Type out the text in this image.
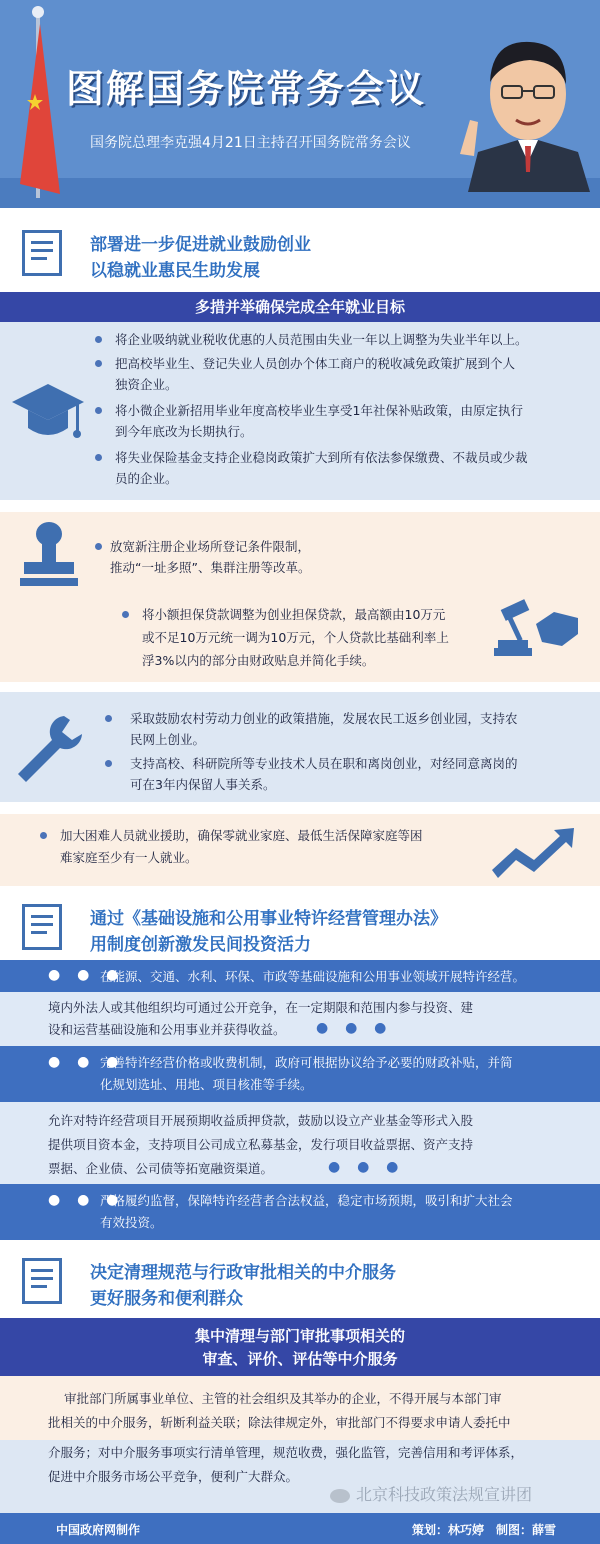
图解国务院常务会议
国务院总理李克强4月21日主持召开国务院常务会议
部署进一步促进就业鼓励创业
以稳就业惠民生助发展
多措并举确保完成全年就业目标
将企业吸纳就业税收优惠的人员范围由失业一年以上调整为失业半年以上。
把高校毕业生、登记失业人员创办个体工商户的税收减免政策扩展到个人
独资企业。
将小微企业新招用毕业年度高校毕业生享受1年社保补贴政策，由原定执行
到今年底改为长期执行。
将失业保险基金支持企业稳岗政策扩大到所有依法参保缴费、不裁员或少裁
员的企业。
放宽新注册企业场所登记条件限制，
推动“一址多照”、集群注册等改革。
将小额担保贷款调整为创业担保贷款，最高额由10万元
或不足10万元统一调为10万元，个人贷款比基础利率上
浮3%以内的部分由财政贴息并简化手续。
采取鼓励农村劳动力创业的政策措施，发展农民工返乡创业园，支持农
民网上创业。
支持高校、科研院所等专业技术人员在职和离岗创业，对经同意离岗的
可在3年内保留人事关系。
加大困难人员就业援助，确保零就业家庭、最低生活保障家庭等困
难家庭至少有一人就业。
通过《基础设施和公用事业特许经营管理办法》
用制度创新激发民间投资活力
● ● ●
在能源、交通、水利、环保、市政等基础设施和公用事业领域开展特许经营。
境内外法人或其他组织均可通过公开竞争，在一定期限和范围内参与投资、建
设和运营基础设施和公用事业并获得收益。 ● ● ●
● ● ●
完善特许经营价格或收费机制，政府可根据协议给予必要的财政补贴，并简
化规划选址、用地、项目核准等手续。
允许对特许经营项目开展预期收益质押贷款，鼓励以设立产业基金等形式入股
提供项目资本金，支持项目公司成立私募基金，发行项目收益票据、资产支持
票据、企业债、公司债等拓宽融资渠道。	● ● ●
● ● ●
严格履约监督，保障特许经营者合法权益，稳定市场预期，吸引和扩大社会
有效投资。
决定清理规范与行政审批相关的中介服务
更好服务和便利群众
集中清理与部门审批事项相关的
审查、评价、评估等中介服务
审批部门所属事业单位、主管的社会组织及其举办的企业，不得开展与本部门审
批相关的中介服务，斩断利益关联；除法律规定外，审批部门不得要求申请人委托中
介服务；对中介服务事项实行清单管理，规范收费，强化监管，完善信用和考评体系，
促进中介服务市场公平竞争，便利广大群众。
北京科技政策法规宣讲团
中国政府网制作	策划：林巧婷　制图：薛雪
